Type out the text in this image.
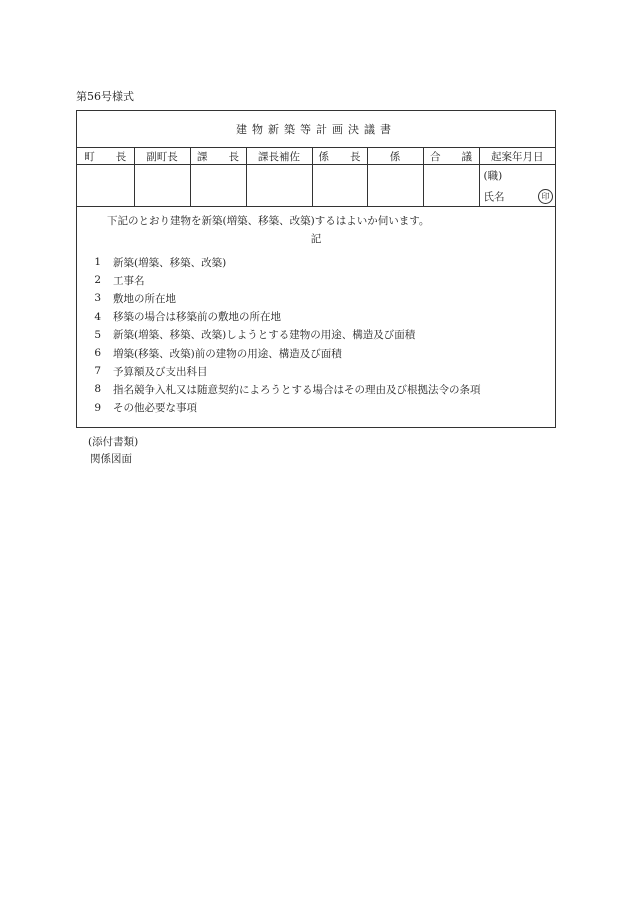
第56号様式
建物新築等計画決議書
町　　長	副町長	課　　長	課長補佐	係　　長	係	合　　議	起案年月日

							(職)
氏名 印
下記のとおり建物を新築(増築、移築、改築)するはよいか伺います。
記
1	新築(増築、移築、改築)
2	工事名
3	敷地の所在地
4	移築の場合は移築前の敷地の所在地
5	新築(増築、移築、改築)しようとする建物の用途、構造及び面積
6	増築(移築、改築)前の建物の用途、構造及び面積
7	予算額及び支出科目
8	指名競争入札又は随意契約によろうとする場合はその理由及び根拠法令の条項
9	その他必要な事項
(添付書類)
関係図面
